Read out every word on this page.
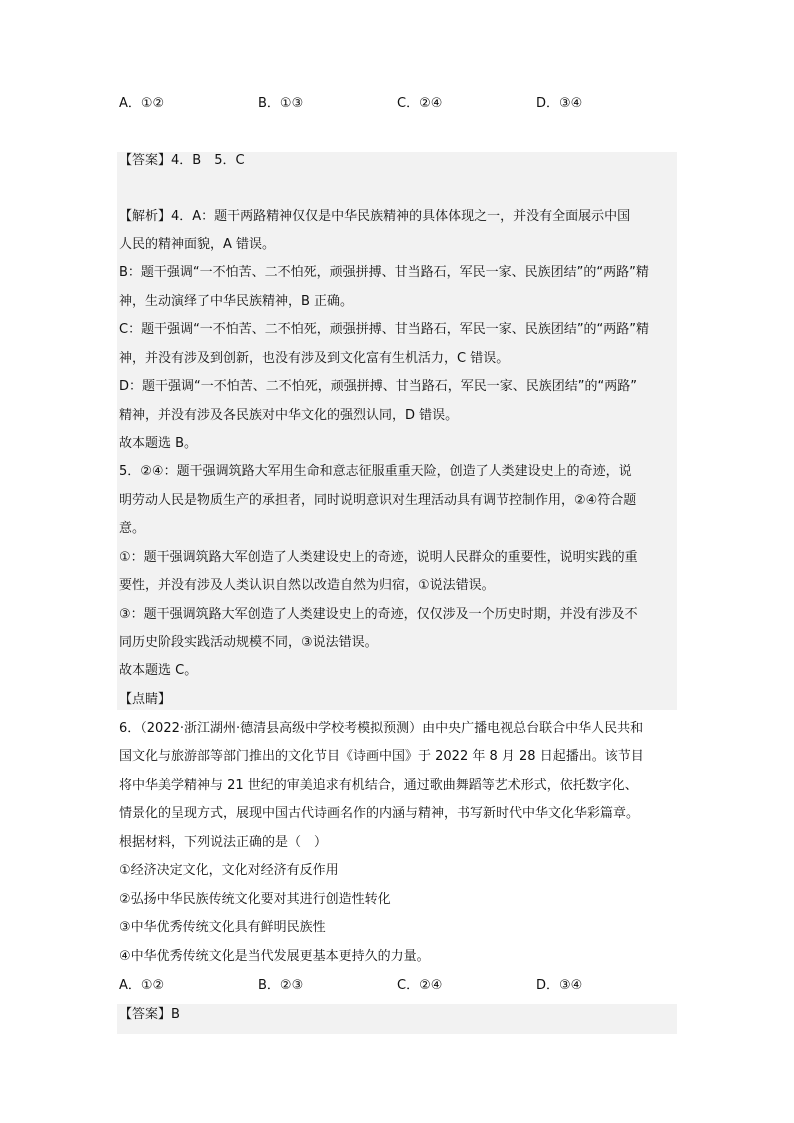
A．①②	B．①③	C．②④	D．③④
【答案】4．B　5．C
【解析】4．A：题干两路精神仅仅是中华民族精神的具体体现之一，并没有全面展示中国
人民的精神面貌，A 错误。
B：题干强调“一不怕苦、二不怕死，顽强拼搏、甘当路石，军民一家、民族团结”的“两路”精
神，生动演绎了中华民族精神，B 正确。
C：题干强调“一不怕苦、二不怕死，顽强拼搏、甘当路石，军民一家、民族团结”的“两路”精
神，并没有涉及到创新，也没有涉及到文化富有生机活力，C 错误。
D：题干强调“一不怕苦、二不怕死，顽强拼搏、甘当路石，军民一家、民族团结”的“两路”
精神，并没有涉及各民族对中华文化的强烈认同，D 错误。
故本题选 B。
5．②④：题干强调筑路大军用生命和意志征服重重天险，创造了人类建设史上的奇迹，说
明劳动人民是物质生产的承担者，同时说明意识对生理活动具有调节控制作用，②④符合题
意。
①：题干强调筑路大军创造了人类建设史上的奇迹，说明人民群众的重要性，说明实践的重
要性，并没有涉及人类认识自然以改造自然为归宿，①说法错误。
③：题干强调筑路大军创造了人类建设史上的奇迹，仅仅涉及一个历史时期，并没有涉及不
同历史阶段实践活动规模不同，③说法错误。
故本题选 C。
【点睛】
6．（2022·浙江湖州·德清县高级中学校考模拟预测）由中央广播电视总台联合中华人民共和
国文化与旅游部等部门推出的文化节目《诗画中国》于 2022 年 8 月 28 日起播出。该节目
将中华美学精神与 21 世纪的审美追求有机结合，通过歌曲舞蹈等艺术形式，依托数字化、
情景化的呈现方式，展现中国古代诗画名作的内涵与精神，书写新时代中华文化华彩篇章。
根据材料，下列说法正确的是（　）
①经济决定文化，文化对经济有反作用
②弘扬中华民族传统文化要对其进行创造性转化
③中华优秀传统文化具有鲜明民族性
④中华优秀传统文化是当代发展更基本更持久的力量。
A．①②	B．②③	C．②④	D．③④
【答案】B
